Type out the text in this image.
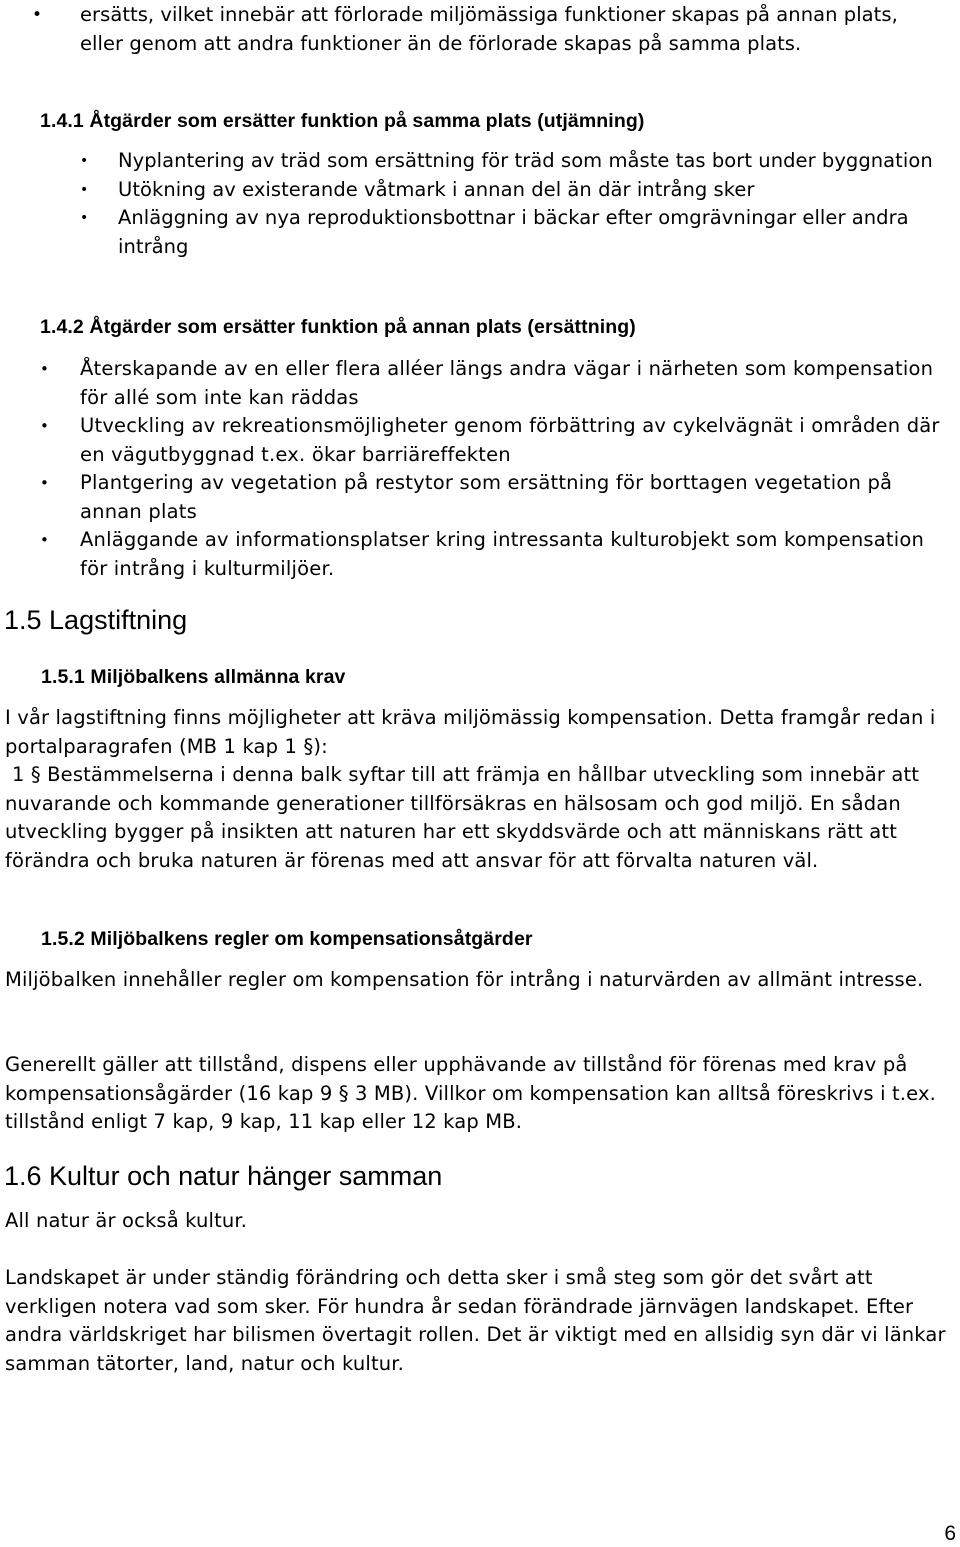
• ersätts, vilket innebär att förlorade miljömässiga funktioner skapas på annan plats, eller genom att andra funktioner än de förlorade skapas på samma plats.
1.4.1 Åtgärder som ersätter funktion på samma plats (utjämning)
• Nyplantering av träd som ersättning för träd som måste tas bort under byggnation
• Utökning av existerande våtmark i annan del än där intrång sker
• Anläggning av nya reproduktionsbottnar i bäckar efter omgrävningar eller andra intrång
1.4.2 Åtgärder som ersätter funktion på annan plats (ersättning)
• Återskapande av en eller flera alléer längs andra vägar i närheten som kompensation för allé som inte kan räddas
• Utveckling av rekreationsmöjligheter genom förbättring av cykelvägnät i områden där en vägutbyggnad t.ex. ökar barriäreffekten
• Plantgering av vegetation på restytor som ersättning för borttagen vegetation på annan plats
• Anläggande av informationsplatser kring intressanta kulturobjekt som kompensation för intrång i kulturmiljöer.
1.5 Lagstiftning
1.5.1 Miljöbalkens allmänna krav
I vår lagstiftning finns möjligheter att kräva miljömässig kompensation. Detta framgår redan i portalparagrafen (MB 1 kap 1 §):
1 § Bestämmelserna i denna balk syftar till att främja en hållbar utveckling som innebär att nuvarande och kommande generationer tillförsäkras en hälsosam och god miljö. En sådan utveckling bygger på insikten att naturen har ett skyddsvärde och att människans rätt att förändra och bruka naturen är förenas med att ansvar för att förvalta naturen väl.
1.5.2 Miljöbalkens regler om kompensationsåtgärder
Miljöbalken innehåller regler om kompensation för intrång i naturvärden av allmänt intresse.
Generellt gäller att tillstånd, dispens eller upphävande av tillstånd för förenas med krav på kompensationsågärder (16 kap 9 § 3 MB). Villkor om kompensation kan alltså föreskrivs i t.ex. tillstånd enligt 7 kap, 9 kap, 11 kap eller 12 kap MB.
1.6 Kultur och natur hänger samman
All natur är också kultur.
Landskapet är under ständig förändring och detta sker i små steg som gör det svårt att verkligen notera vad som sker. För hundra år sedan förändrade järnvägen landskapet. Efter andra världskriget har bilismen övertagit rollen. Det är viktigt med en allsidig syn där vi länkar samman tätorter, land, natur och kultur.
6
